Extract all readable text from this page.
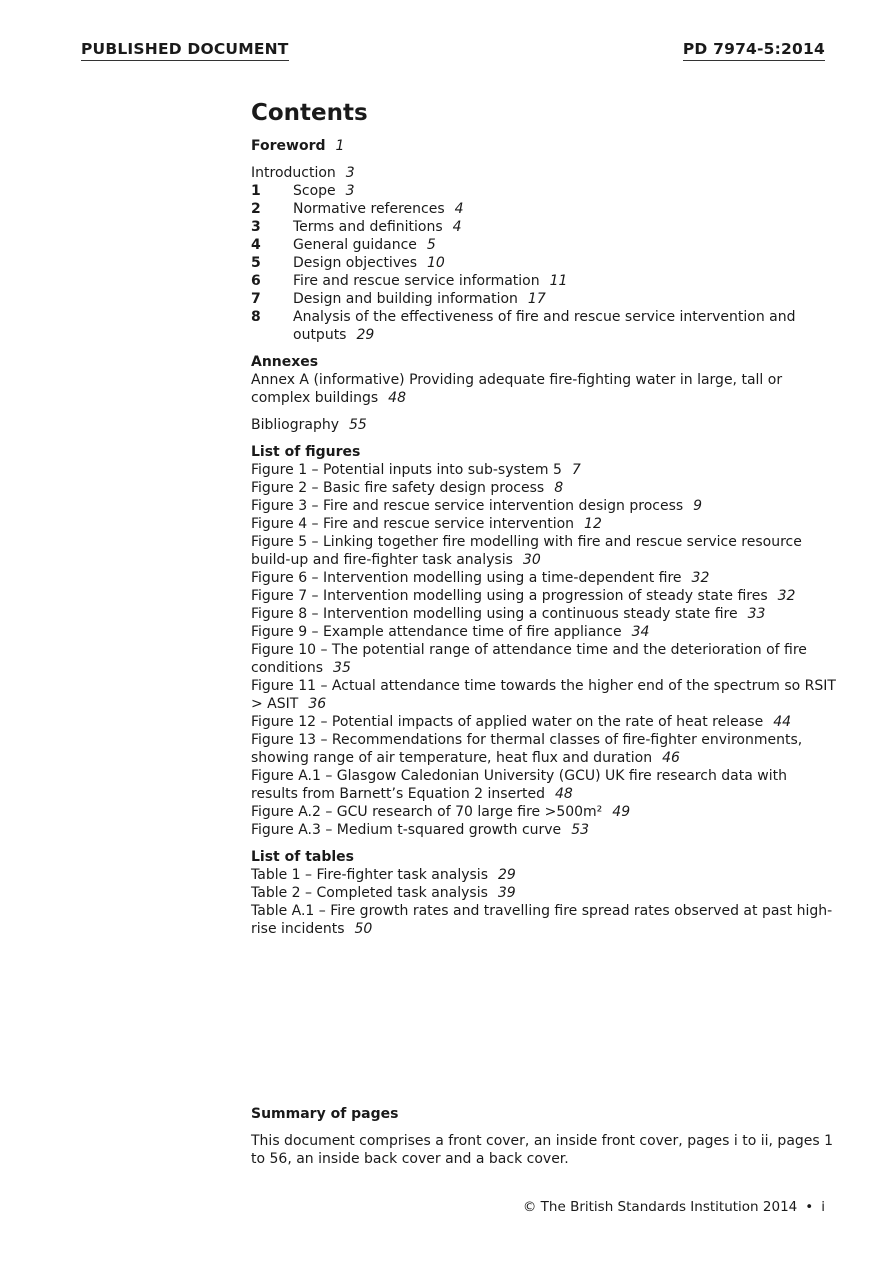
PUBLISHED DOCUMENT	PD 7974-5:2014
Contents

Foreword 1

Introduction 3

1	Scope 3
2	Normative references 4
3	Terms and definitions 4
4	General guidance 5
5	Design objectives 10
6	Fire and rescue service information 11
7	Design and building information 17
8	Analysis of the effectiveness of fire and rescue service intervention and outputs 29

Annexes

Annex A (informative) Providing adequate fire-fighting water in large, tall or complex buildings 48

Bibliography 55

List of figures

Figure 1 – Potential inputs into sub-system 5 7

Figure 2 – Basic fire safety design process 8

Figure 3 – Fire and rescue service intervention design process 9

Figure 4 – Fire and rescue service intervention 12

Figure 5 – Linking together fire modelling with fire and rescue service resource build-up and fire-fighter task analysis 30

Figure 6 – Intervention modelling using a time-dependent fire 32

Figure 7 – Intervention modelling using a progression of steady state fires 32

Figure 8 – Intervention modelling using a continuous steady state fire 33

Figure 9 – Example attendance time of fire appliance 34

Figure 10 – The potential range of attendance time and the deterioration of fire conditions 35

Figure 11 – Actual attendance time towards the higher end of the spectrum so RSIT > ASIT 36

Figure 12 – Potential impacts of applied water on the rate of heat release 44

Figure 13 – Recommendations for thermal classes of fire-fighter environments, showing range of air temperature, heat flux and duration 46

Figure A.1 – Glasgow Caledonian University (GCU) UK fire research data with results from Barnett’s Equation 2 inserted 48

Figure A.2 – GCU research of 70 large fire >500m² 49

Figure A.3 – Medium t-squared growth curve 53

List of tables

Table 1 – Fire-fighter task analysis 29

Table 2 – Completed task analysis 39

Table A.1 – Fire growth rates and travelling fire spread rates observed at past high-rise incidents 50

Summary of pages

This document comprises a front cover, an inside front cover, pages i to ii, pages 1 to 56, an inside back cover and a back cover.

© The British Standards Institution 2014 • i
